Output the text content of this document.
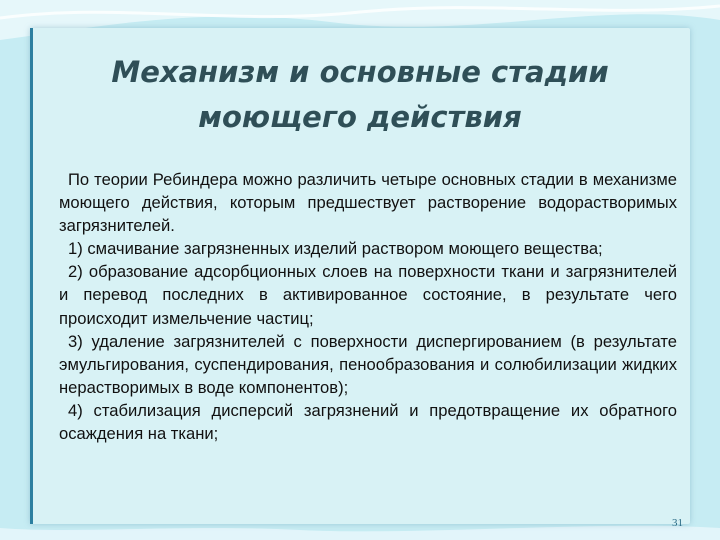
Механизм и основные стадии
моющего действия

По теории Ребиндера можно различить четыре основных стадии в механизме моющего действия, которым предшествует растворение водорастворимых загрязнителей.

1) смачивание загрязненных изделий раствором моющего вещества;

2) образование адсорбционных слоев на поверхности ткани и загрязнителей и перевод последних в активированное состояние, в результате чего происходит измельчение частиц;

3) удаление загрязнителей с поверхности диспергированием (в результате эмульгирования, суспендирования, пенообразования и солюбилизации жидких нерастворимых в воде компонентов);

4) стабилизация дисперсий загрязнений и предотвращение их обратного осаждения на ткани;

31
